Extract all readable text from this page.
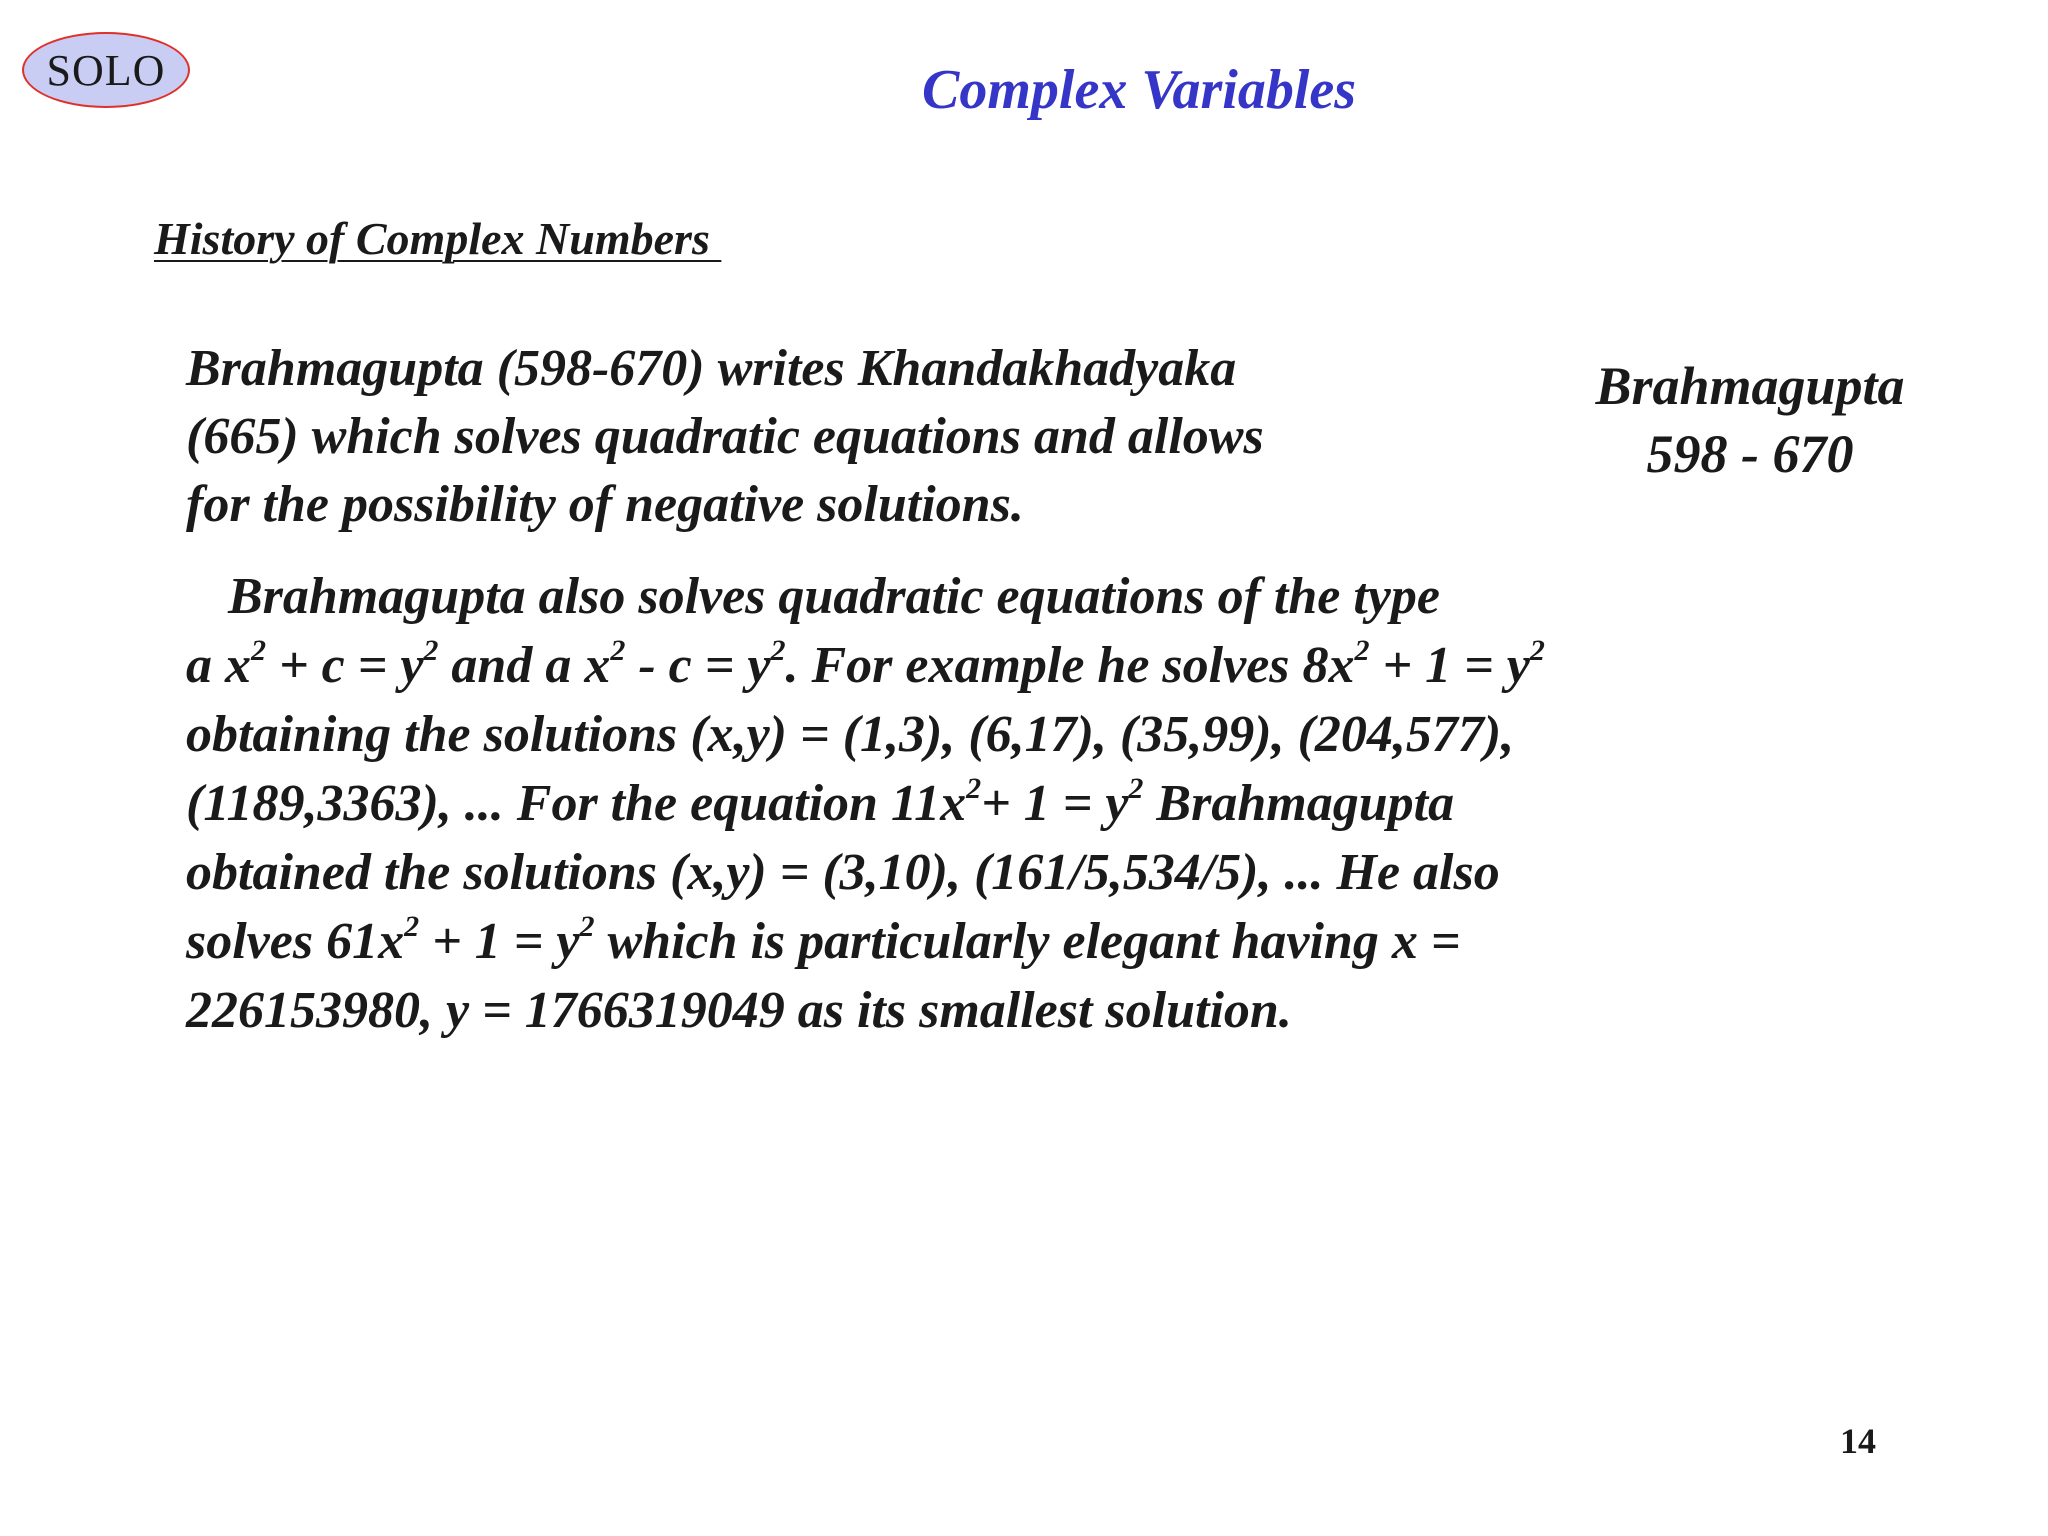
SOLO	Complex Variables
History of Complex Numbers
Brahmagupta (598-670) writes Khandakhadyaka
(665) which solves quadratic equations and allows
for the possibility of negative solutions.
Brahmagupta
598 - 670
Brahmagupta also solves quadratic equations of the type
a $x^2 + c = y^2$ and a $x^2 - c = y^2$. For example he solves $8x^2 + 1 = y^2$
obtaining the solutions (x,y) = (1,3), (6,17), (35,99), (204,577),
(1189,3363), ... For the equation $11x^2+ 1 = y^2$ Brahmagupta
obtained the solutions (x,y) = (3,10), (161/5,534/5), ... He also
solves $61x^2 + 1 = y^2$ which is particularly elegant having x =
226153980, y = 1766319049 as its smallest solution.
14
